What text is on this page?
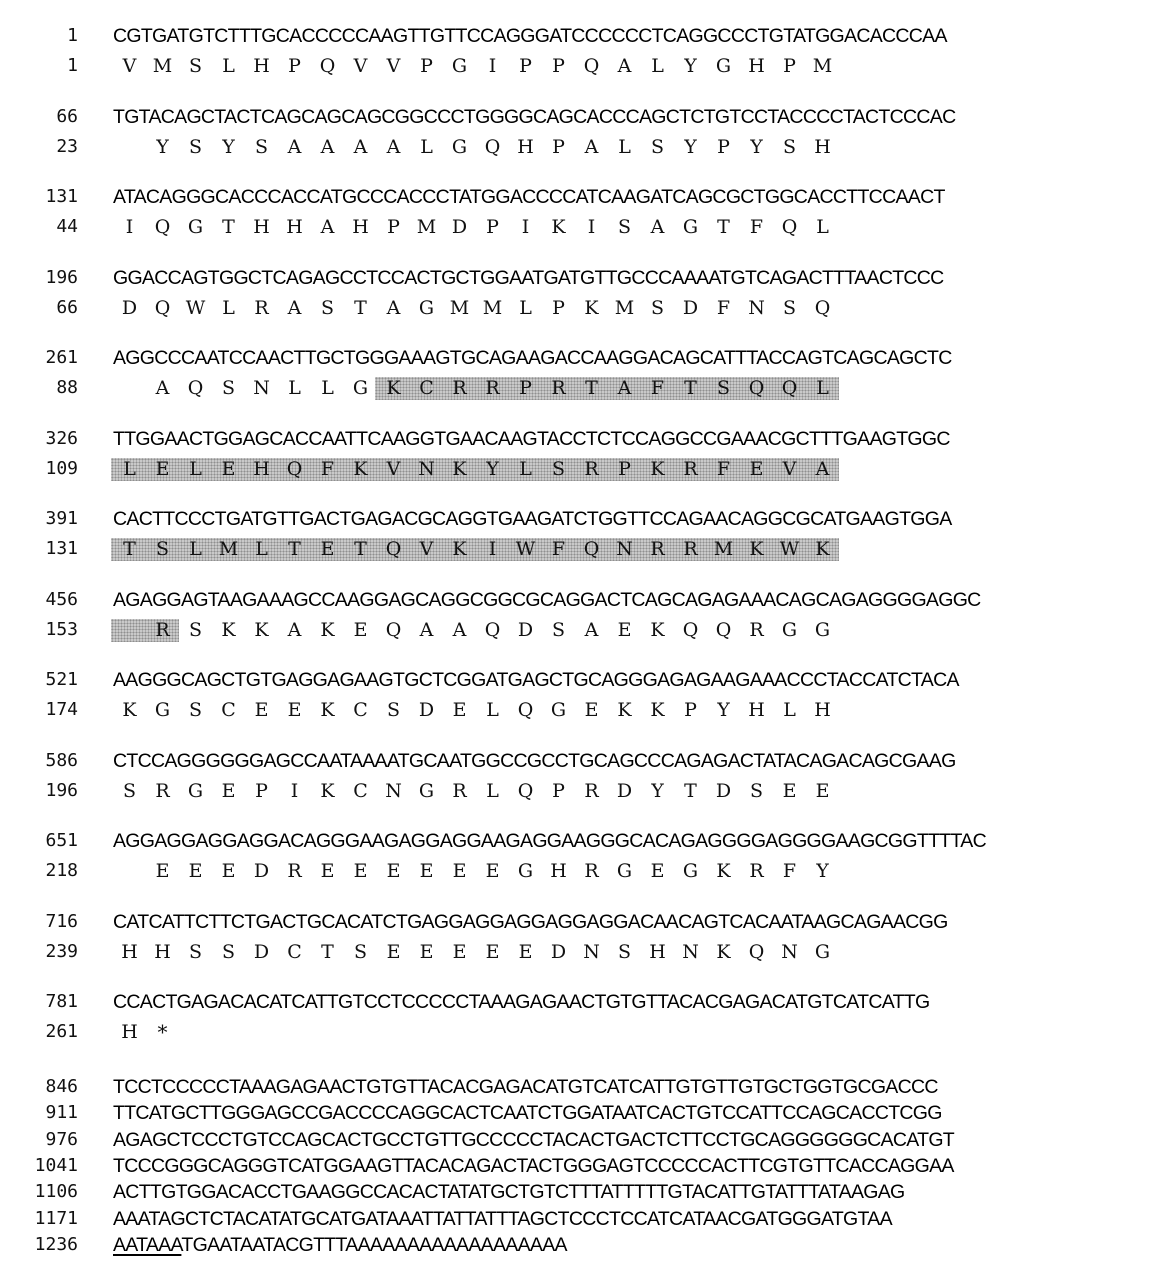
1 CGTGATGTCTTTGCACCCCCAAGTTGTTCCAGGGATCCCCCCTCAGGCCCTGTATGGACACCCAA
1	V M S	L H P Q V	V	P	G	I	P	P Q A	L	Y	G H P M
66 TGTACAGCTACTCAGCAGCAGCGGCCCTGGGGCAGCACCCAGCTCTGTCCTACCCCTACTCCCAC
23	Y	S	Y	S	A	A	A	A	L	G Q H P	A	L	S	Y	P	Y	S H
131 ATACAGGGCACCCACCATGCCCACCCTATGGACCCCATCAAGATCAGCGCTGGCACCTTCCAACT
44	I	Q G	T H H A H P M D P	I	K	I	S	A G	T	F Q L
196 GGACCAGTGGCTCAGAGCCTCCACTGCTGGAATGATGTTGCCCAAAATGTCAGACTTTAACTCCC
66	D Q W L	R A	S	T	A G M M L	P	K M S D F N S Q
261 AGGCCCAATCCAACTTGCTGGGAAAGTGCAGAAGACCAAGGACAGCATTTACCAGTCAGCAGCTC
88	A Q S N L	L	G K C R R	P	R	T	A	F	T	S Q Q L
326 TTGGAACTGGAGCACCAATTCAAGGTGAACAAGTACCTCTCCAGGCCGAAACGCTTTGAAGTGGC
109	L	E	L	E H Q F	K	V N K	Y	L	S	R	P	K R	F	E	V	A
391 CACTTCCCTGATGTTGACTGAGACGCAGGTGAAGATCTGGTTCCAGAACAGGCGCATGAAGTGGA
131	T	S	L M L	T	E	T Q V	K	I	W F Q N R R M K W K
456 AGAGGAGTAAGAAAGCCAAGGAGCAGGCGGCGCAGGACTCAGCAGAGAAACAGCAGAGGGGAGGC
153	R	S	K K	A	K E Q A	A Q D S	A	E K Q Q R G G
521 AAGGGCAGCTGTGAGGAGAAGTGCTCGGATGAGCTGCAGGGAGAGAAGAAACCCTACCATCTACA
174	K G S	C E	E K C	S D E	L Q G E K K	P	Y H L H
586 CTCCAGGGGGGAGCCAATAAAATGCAATGGCCGCCTGCAGCCCAGAGACTATACAGACAGCGAAG
196	S	R G E	P	I	K C N G R	L Q P	R D	Y	T	D S	E	E
651 AGGAGGAGGAGGACAGGGAAGAGGAGGAAGAGGAAGGGCACAGAGGGGAGGGGAAGCGGTTTTAC
218	E	E	E D R E	E	E	E	E	E G H R G E G K R	F	Y
716 CATCATTCTTCTGACTGCACATCTGAGGAGGAGGAGGAGGACAACAGTCACAATAAGCAGAACGG
239	H H S	S D C	T	S	E	E	E	E	E D N S H N K Q N G
781 CCACTGAGACACATCATTGTCCTCCCCCTAAAGAGAACTGTGTTACACGAGACATGTCATCATTG
261	H *
846 TCCTCCCCCTAAAGAGAACTGTGTTACACGAGACATGTCATCATTGTGTTGTGCTGGTGCGACCC
911 TTCATGCTTGGGAGCCGACCCCAGGCACTCAATCTGGATAATCACTGTCCATTCCAGCACCTCGG
976 AGAGCTCCCTGTCCAGCACTGCCTGTTGCCCCCTACACTGACTCTTCCTGCAGGGGGGCACATGT
1041 TCCCGGGCAGGGTCATGGAAGTTACACAGACTACTGGGAGTCCCCCACTTCGTGTTCACCAGGAA
1106 ACTTGTGGACACCTGAAGGCCACACTATATGCTGTCTTTATTTTTGTACATTGTATTTATAAGAG
1171 AAATAGCTCTACATATGCATGATAAATTATTATTTAGCTCCCTCCATCATAACGATGGGATGTAA
1236 AATAAATGAATAATACGTTTAAAAAAAAAAAAAAAAAA
